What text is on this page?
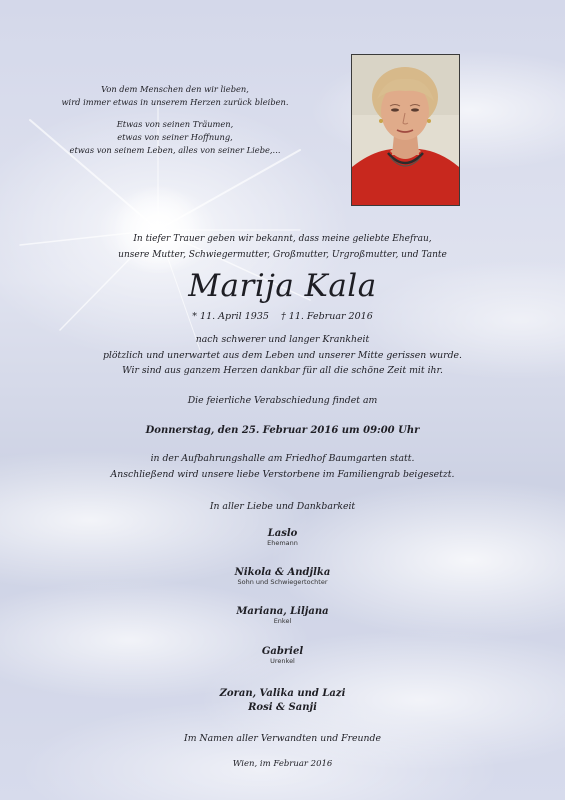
Von dem Menschen den wir lieben,
wird immer etwas in unserem Herzen zurück bleiben.
Etwas von seinen Träumen,
etwas von seiner Hoffnung,
etwas von seinem Leben, alles von seiner Liebe,...
In tiefer Trauer geben wir bekannt, dass meine geliebte Ehefrau,
unsere Mutter, Schwiegermutter, Großmutter, Urgroßmutter, und Tante
Marija Kala
* 11. April 1935    † 11. Februar 2016
nach schwerer und langer Krankheit
plötzlich und unerwartet aus dem Leben und unserer Mitte gerissen wurde.
Wir sind aus ganzem Herzen dankbar für all die schöne Zeit mit ihr.
Die feierliche Verabschiedung findet am
Donnerstag, den 25. Februar 2016 um 09:00 Uhr
in der Aufbahrungshalle am Friedhof Baumgarten statt.
Anschließend wird unsere liebe Verstorbene im Familiengrab beigesetzt.
In aller Liebe und Dankbarkeit
Laslo
Ehemann
Nikola & Andjlka
Sohn und Schwiegertochter
Mariana, Liljana
Enkel
Gabriel
Urenkel
Zoran, Valika und Lazi
Rosi & Sanji
Im Namen aller Verwandten und Freunde
Wien, im Februar 2016
